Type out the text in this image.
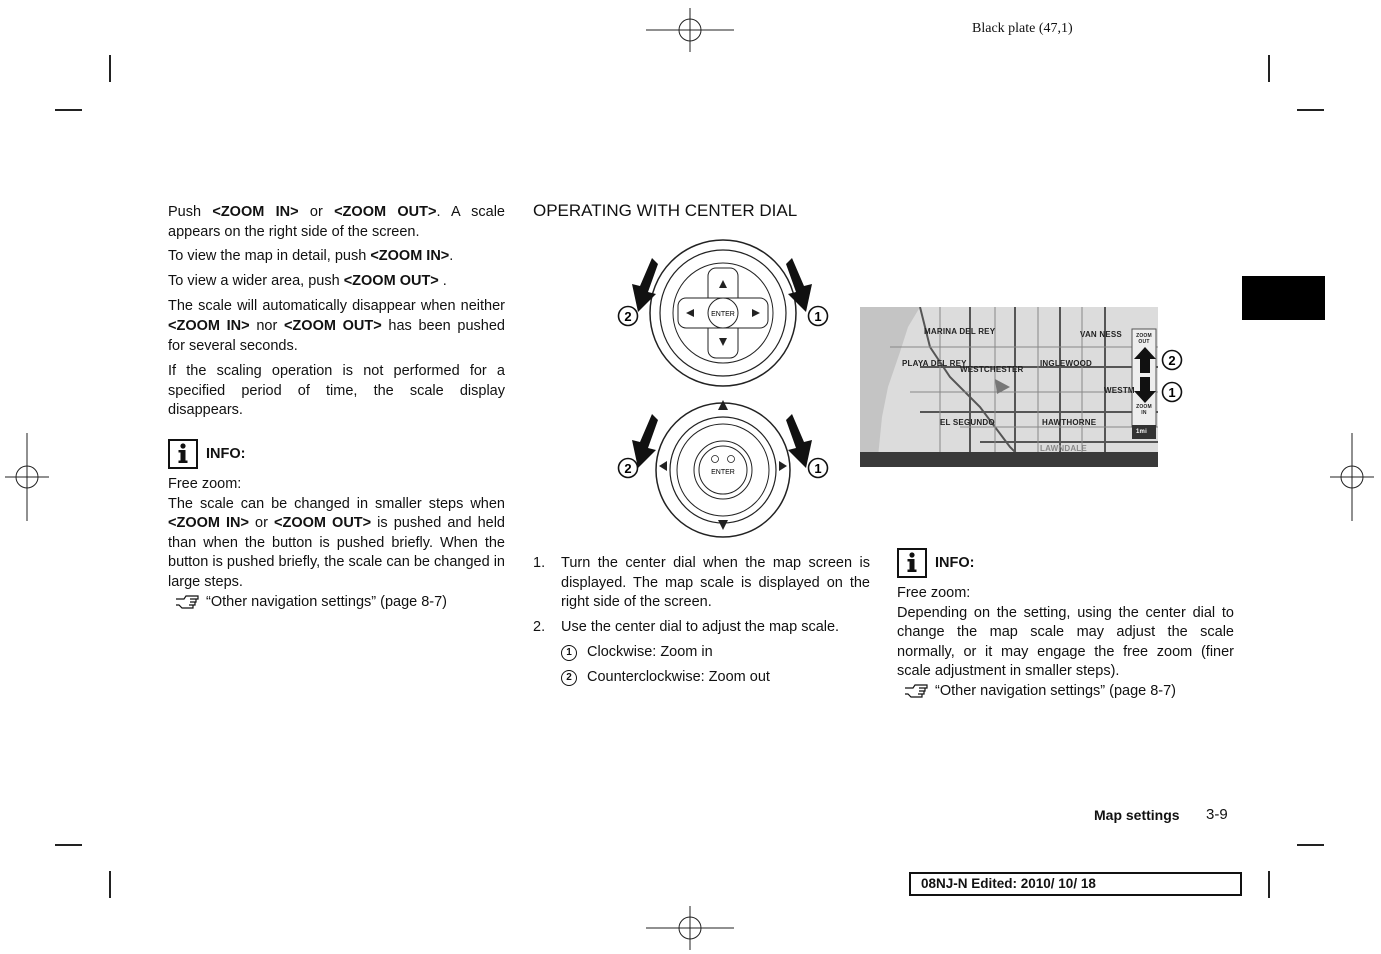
Black plate (47,1)

Push <ZOOM IN> or <ZOOM OUT>. A scale appears on the right side of the screen.

To view the map in detail, push <ZOOM IN>.

To view a wider area, push <ZOOM OUT> .

The scale will automatically disappear when neither <ZOOM IN> nor <ZOOM OUT> has been pushed for several seconds.

If the scaling operation is not performed for a specified period of time, the scale display disappears.

INFO:

Free zoom:

The scale can be changed in smaller steps when <ZOOM IN> or <ZOOM OUT> is pushed and held than when the button is pushed briefly. When the button is pushed briefly, the scale can be changed in large steps.

“Other navigation settings” (page 8-7)

OPERATING WITH CENTER DIAL
ENTER
ENTER
2	1
2	1
MARINA DEL REY	VAN NESS
PLAYA DEL REY
WESTCHESTER
INGLEWOOD
WESTM
EL SEGUNDO	HAWTHORNE
LAWNDALE
ZOOM OUT
ZOOM IN
1mi
2
1
1.	Turn the center dial when the map screen is displayed. The map scale is displayed on the right side of the screen.
2.	Use the center dial to adjust the map scale.
1 Clockwise: Zoom in
2 Counterclockwise: Zoom out
INFO:

Free zoom:

Depending on the setting, using the center dial to change the map scale may adjust the scale normally, or it may engage the free zoom (finer scale adjustment in smaller steps).

“Other navigation settings” (page 8-7)

Map settings 3-9
08NJ-N Edited: 2010/ 10/ 18
